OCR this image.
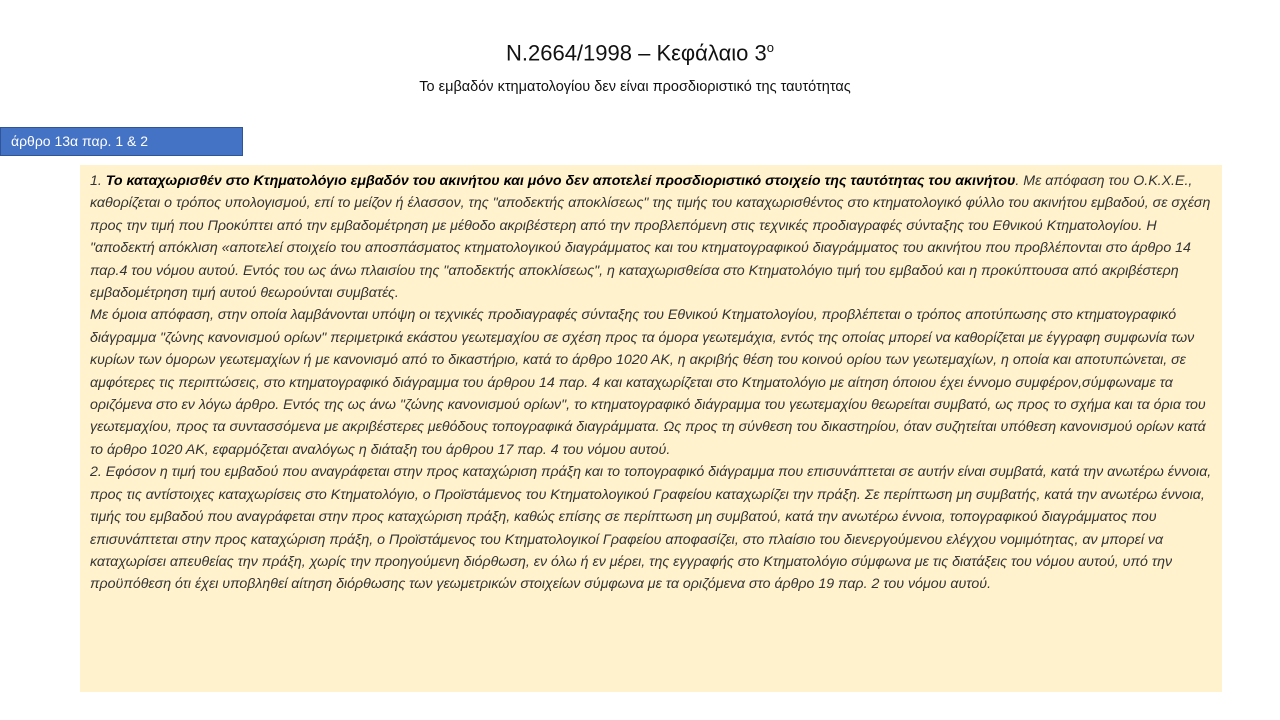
Ν.2664/1998 – Κεφάλαιο $3^o$
Το εμβαδόν κτηματολογίου δεν είναι προσδιοριστικό της ταυτότητας
άρθρο 13α παρ. 1 & 2

1. Το καταχωρισθέν στο Κτηματολόγιο εμβαδόν του ακινήτου και μόνο δεν αποτελεί προσδιοριστικό στοιχείο της ταυτότητας του ακινήτου. Με απόφαση του Ο.Κ.Χ.Ε., καθορίζεται ο τρόπος υπολογισμού, επί το μείζον ή έλασσον, της "αποδεκτής αποκλίσεως" της τιμής του καταχωρισθέντος στο κτηματολογικό φύλλο του ακινήτου εμβαδού, σε σχέση προς την τιμή που Προκύπτει από την εμβαδομέτρηση με μέθοδο ακριβέστερη από την προβλεπόμενη στις τεχνικές προδιαγραφές σύνταξης του Εθνικού Κτηματολογίου. Η "αποδεκτή απόκλιση «αποτελεί στοιχείο του αποσπάσματος κτηματολογικού διαγράμματος και του κτηματογραφικού διαγράμματος του ακινήτου που προβλέπονται στο άρθρο 14 παρ.4 του νόμου αυτού. Εντός του ως άνω πλαισίου της "αποδεκτής αποκλίσεως", η καταχωρισθείσα στο Κτηματολόγιο τιμή του εμβαδού και η προκύπτουσα από ακριβέστερη εμβαδομέτρηση τιμή αυτού θεωρούνται συμβατές.

Με όμοια απόφαση, στην οποία λαμβάνονται υπόψη οι τεχνικές προδιαγραφές σύνταξης του Εθνικού Κτηματολογίου, προβλέπεται ο τρόπος αποτύπωσης στο κτηματογραφικό διάγραμμα "ζώνης κανονισμού ορίων" περιμετρικά εκάστου γεωτεμαχίου σε σχέση προς τα όμορα γεωτεμάχια, εντός της οποίας μπορεί να καθορίζεται με έγγραφη συμφωνία των κυρίων των όμορων γεωτεμαχίων ή με κανονισμό από το δικαστήριο, κατά το άρθρο 1020 ΑΚ, η ακριβής θέση του κοινού ορίου των γεωτεμαχίων, η οποία και αποτυπώνεται, σε αμφότερες τις περιπτώσεις, στο κτηματογραφικό διάγραμμα του άρθρου 14 παρ. 4 και καταχωρίζεται στο Κτηματολόγιο με αίτηση όποιου έχει έννομο συμφέρον,σύμφωναμε τα οριζόμενα στο εν λόγω άρθρο. Εντός της ως άνω "ζώνης κανονισμού ορίων", το κτηματογραφικό διάγραμμα του γεωτεμαχίου θεωρείται συμβατό, ως προς το σχήμα και τα όρια του γεωτεμαχίου, προς τα συντασσόμενα με ακριβέστερες μεθόδους τοπογραφικά διαγράμματα. Ως προς τη σύνθεση του δικαστηρίου, όταν συζητείται υπόθεση κανονισμού ορίων κατά το άρθρο 1020 ΑΚ, εφαρμόζεται αναλόγως η διάταξη του άρθρου 17 παρ. 4 του νόμου αυτού.

2. Εφόσον η τιμή του εμβαδού που αναγράφεται στην προς καταχώριση πράξη και το τοπογραφικό διάγραμμα που επισυνάπτεται σε αυτήν είναι συμβατά, κατά την ανωτέρω έννοια, προς τις αντίστοιχες καταχωρίσεις στο Κτηματολόγιο, ο Προϊστάμενος του Κτηματολογικού Γραφείου καταχωρίζει την πράξη. Σε περίπτωση μη συμβατής, κατά την ανωτέρω έννοια, τιμής του εμβαδού που αναγράφεται στην προς καταχώριση πράξη, καθώς επίσης σε περίπτωση μη συμβατού, κατά την ανωτέρω έννοια, τοπογραφικού διαγράμματος που επισυνάπτεται στην προς καταχώριση πράξη, ο Προϊστάμενος του Κτηματολογικοί Γραφείου αποφασίζει, στο πλαίσιο του διενεργούμενου ελέγχου νομιμότητας, αν μπορεί να καταχωρίσει απευθείας την πράξη, χωρίς την προηγούμενη διόρθωση, εν όλω ή εν μέρει, της εγγραφής στο Κτηματολόγιο σύμφωνα με τις διατάξεις του νόμου αυτού, υπό την προϋπόθεση ότι έχει υποβληθεί αίτηση διόρθωσης των γεωμετρικών στοιχείων σύμφωνα με τα οριζόμενα στο άρθρο 19 παρ. 2 του νόμου αυτού.
